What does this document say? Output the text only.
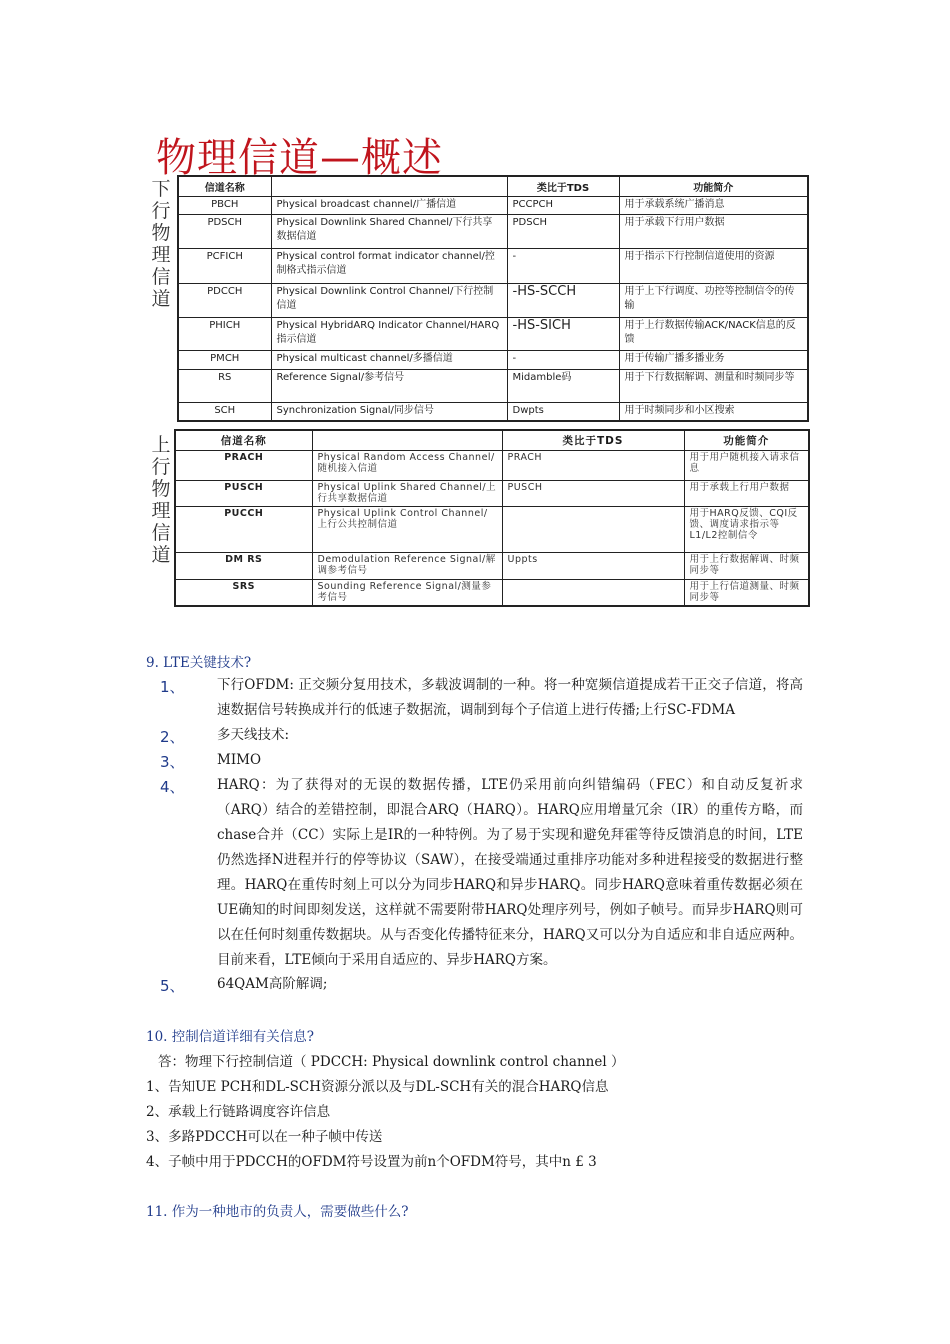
物理信道—概述
下
行
物
理
信
道
上
行
物
理
信
道
信道名称		类比于TDS	功能简介
PBCH	Physical broadcast channel/广播信道	PCCPCH	用于承载系统广播消息
PDSCH	Physical Downlink Shared Channel/下行共享数据信道	PDSCH	用于承载下行用户数据
PCFICH	Physical control format indicator channel/控制格式指示信道	-	用于指示下行控制信道使用的资源
PDCCH	Physical Downlink Control Channel/下行控制信道	-HS-SCCH	用于上下行调度、功控等控制信令的传输
PHICH	Physical HybridARQ Indicator Channel/HARQ指示信道	-HS-SICH	用于上行数据传输ACK/NACK信息的反馈
PMCH	Physical multicast channel/多播信道	-	用于传输广播多播业务
RS	Reference Signal/参考信号	Midamble码	用于下行数据解调、测量和时频同步等
SCH	Synchronization Signal/同步信号	Dwpts	用于时频同步和小区搜索
信道名称		类比于TDS	功能简介
PRACH	Physical Random Access Channel/随机接入信道	PRACH	用于用户随机接入请求信息
PUSCH	Physical Uplink Shared Channel/上行共享数据信道	PUSCH	用于承载上行用户数据
PUCCH	Physical Uplink Control Channel/上行公共控制信道		用于HARQ反馈、CQI反馈、调度请求指示等L1/L2控制信令
DM RS	Demodulation Reference Signal/解调参考信号	Uppts	用于上行数据解调、时频同步等
SRS	Sounding Reference Signal/测量参考信号		用于上行信道测量、时频同步等
9. LTE关键技术?
1、 下行OFDM: 正交频分复用技术，多载波调制的一种。将一种宽频信道提成若干正交子信道，将高速数据信号转换成并行的低速子数据流，调制到每个子信道上进行传播;上行SC-FDMA
2、 多天线技术:
3、 MIMO
4、 HARQ：为了获得对的无误的数据传播，LTE仍采用前向纠错编码（FEC）和自动反复祈求（ARQ）结合的差错控制，即混合ARQ（HARQ）。HARQ应用增量冗余（IR）的重传方略，而chase合并（CC）实际上是IR的一种特例。为了易于实现和避免拜霍等待反馈消息的时间，LTE仍然选择N进程并行的停等协议（SAW），在接受端通过重排序功能对多种进程接受的数据进行整理。HARQ在重传时刻上可以分为同步HARQ和异步HARQ。同步HARQ意味着重传数据必须在UE确知的时间即刻发送，这样就不需要附带HARQ处理序列号，例如子帧号。而异步HARQ则可以在任何时刻重传数据块。从与否变化传播特征来分，HARQ又可以分为自适应和非自适应两种。目前来看，LTE倾向于采用自适应的、异步HARQ方案。
5、 64QAM高阶解调;
10. 控制信道详细有关信息?
答：物理下行控制信道（ PDCCH: Physical downlink control channel ）
1、告知UE PCH和DL-SCH资源分派以及与DL-SCH有关的混合HARQ信息
2、承载上行链路调度容许信息
3、多路PDCCH可以在一种子帧中传送
4、子帧中用于PDCCH的OFDM符号设置为前n个OFDM符号，其中n £ 3
11. 作为一种地市的负责人，需要做些什么?
